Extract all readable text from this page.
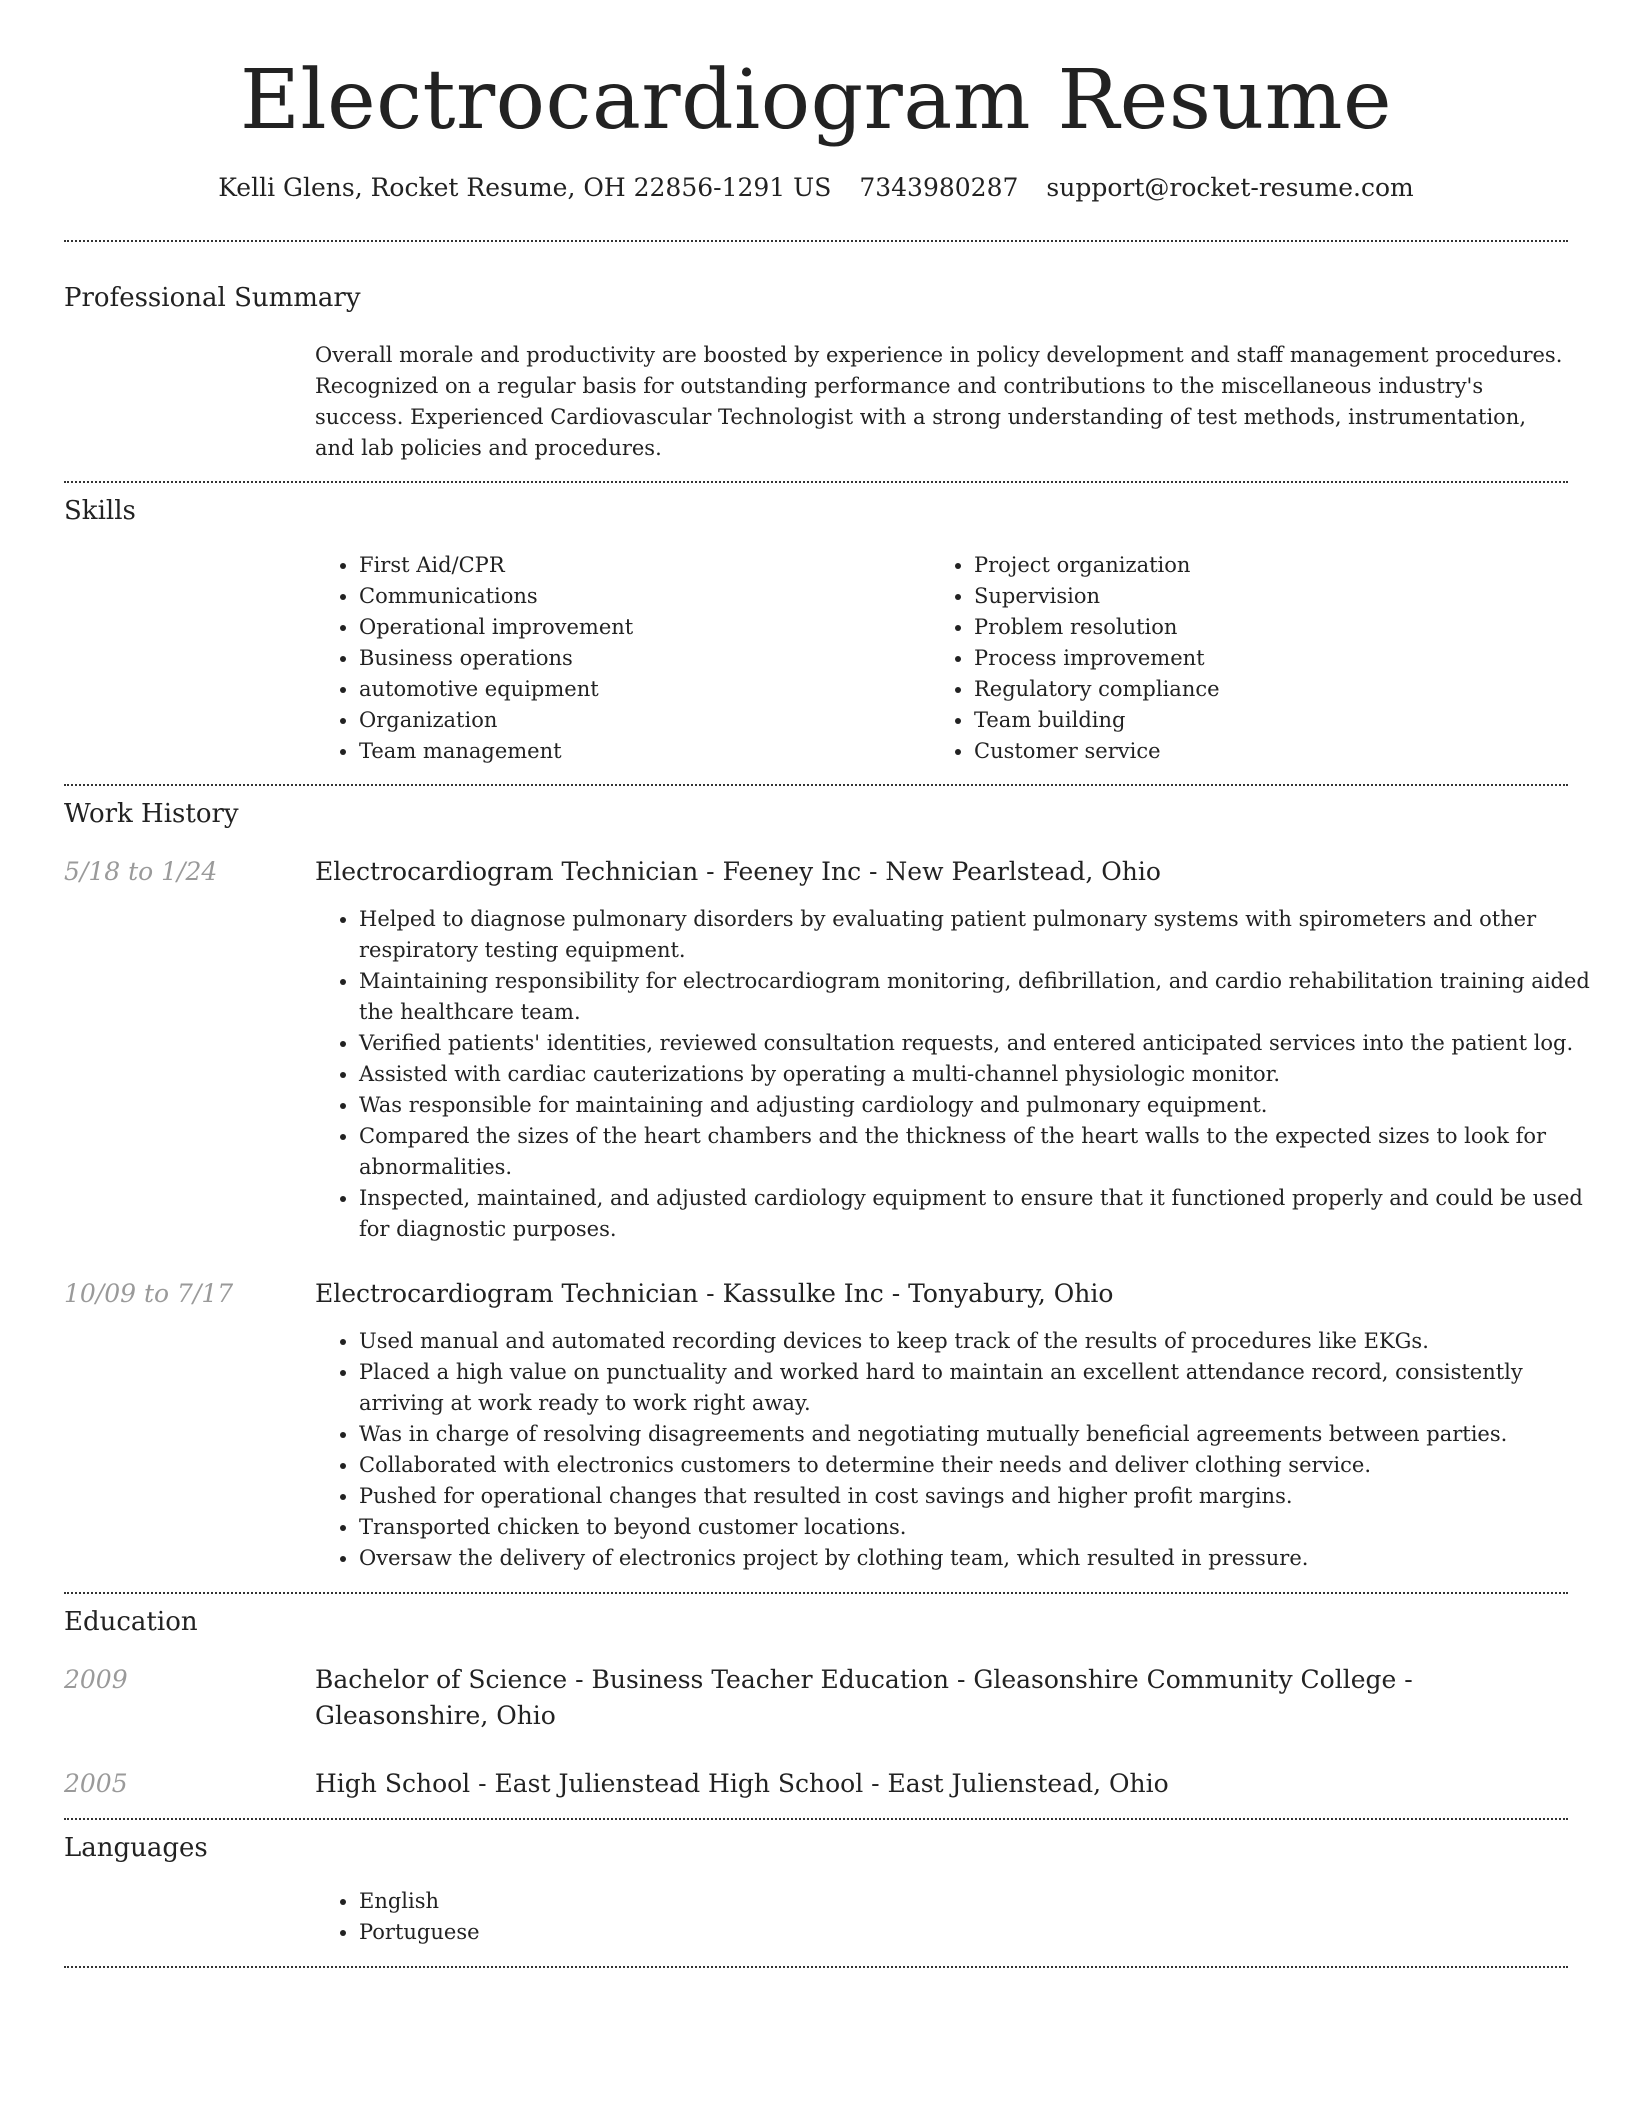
Electrocardiogram Resume
Kelli Glens, Rocket Resume, OH 22856-1291 US 7343980287 support@rocket-resume.com
Professional Summary

Overall morale and productivity are boosted by experience in policy development and staff management procedures. Recognized on a regular basis for outstanding performance and contributions to the miscellaneous industry's success. Experienced Cardiovascular Technologist with a strong understanding of test methods, instrumentation, and lab policies and procedures.

Skills
• First Aid/CPR
• Communications
• Operational improvement
• Business operations
• automotive equipment
• Organization
• Team management
• Project organization
• Supervision
• Problem resolution
• Process improvement
• Regulatory compliance
• Team building
• Customer service
Work History
5/18 to 1/24	Electrocardiogram Technician - Feeney Inc - New Pearlstead, Ohio
• Helped to diagnose pulmonary disorders by evaluating patient pulmonary systems with spirometers and other respiratory testing equipment.
• Maintaining responsibility for electrocardiogram monitoring, defibrillation, and cardio rehabilitation training aided the healthcare team.
• Verified patients' identities, reviewed consultation requests, and entered anticipated services into the patient log.
• Assisted with cardiac cauterizations by operating a multi-channel physiologic monitor.
• Was responsible for maintaining and adjusting cardiology and pulmonary equipment.
• Compared the sizes of the heart chambers and the thickness of the heart walls to the expected sizes to look for abnormalities.
• Inspected, maintained, and adjusted cardiology equipment to ensure that it functioned properly and could be used for diagnostic purposes.
10/09 to 7/17	Electrocardiogram Technician - Kassulke Inc - Tonyabury, Ohio
• Used manual and automated recording devices to keep track of the results of procedures like EKGs.
• Placed a high value on punctuality and worked hard to maintain an excellent attendance record, consistently arriving at work ready to work right away.
• Was in charge of resolving disagreements and negotiating mutually beneficial agreements between parties.
• Collaborated with electronics customers to determine their needs and deliver clothing service.
• Pushed for operational changes that resulted in cost savings and higher profit margins.
• Transported chicken to beyond customer locations.
• Oversaw the delivery of electronics project by clothing team, which resulted in pressure.
Education
2009	Bachelor of Science - Business Teacher Education - Gleasonshire Community College - Gleasonshire, Ohio
2005	High School - East Julienstead High School - East Julienstead, Ohio
Languages
• English
• Portuguese
